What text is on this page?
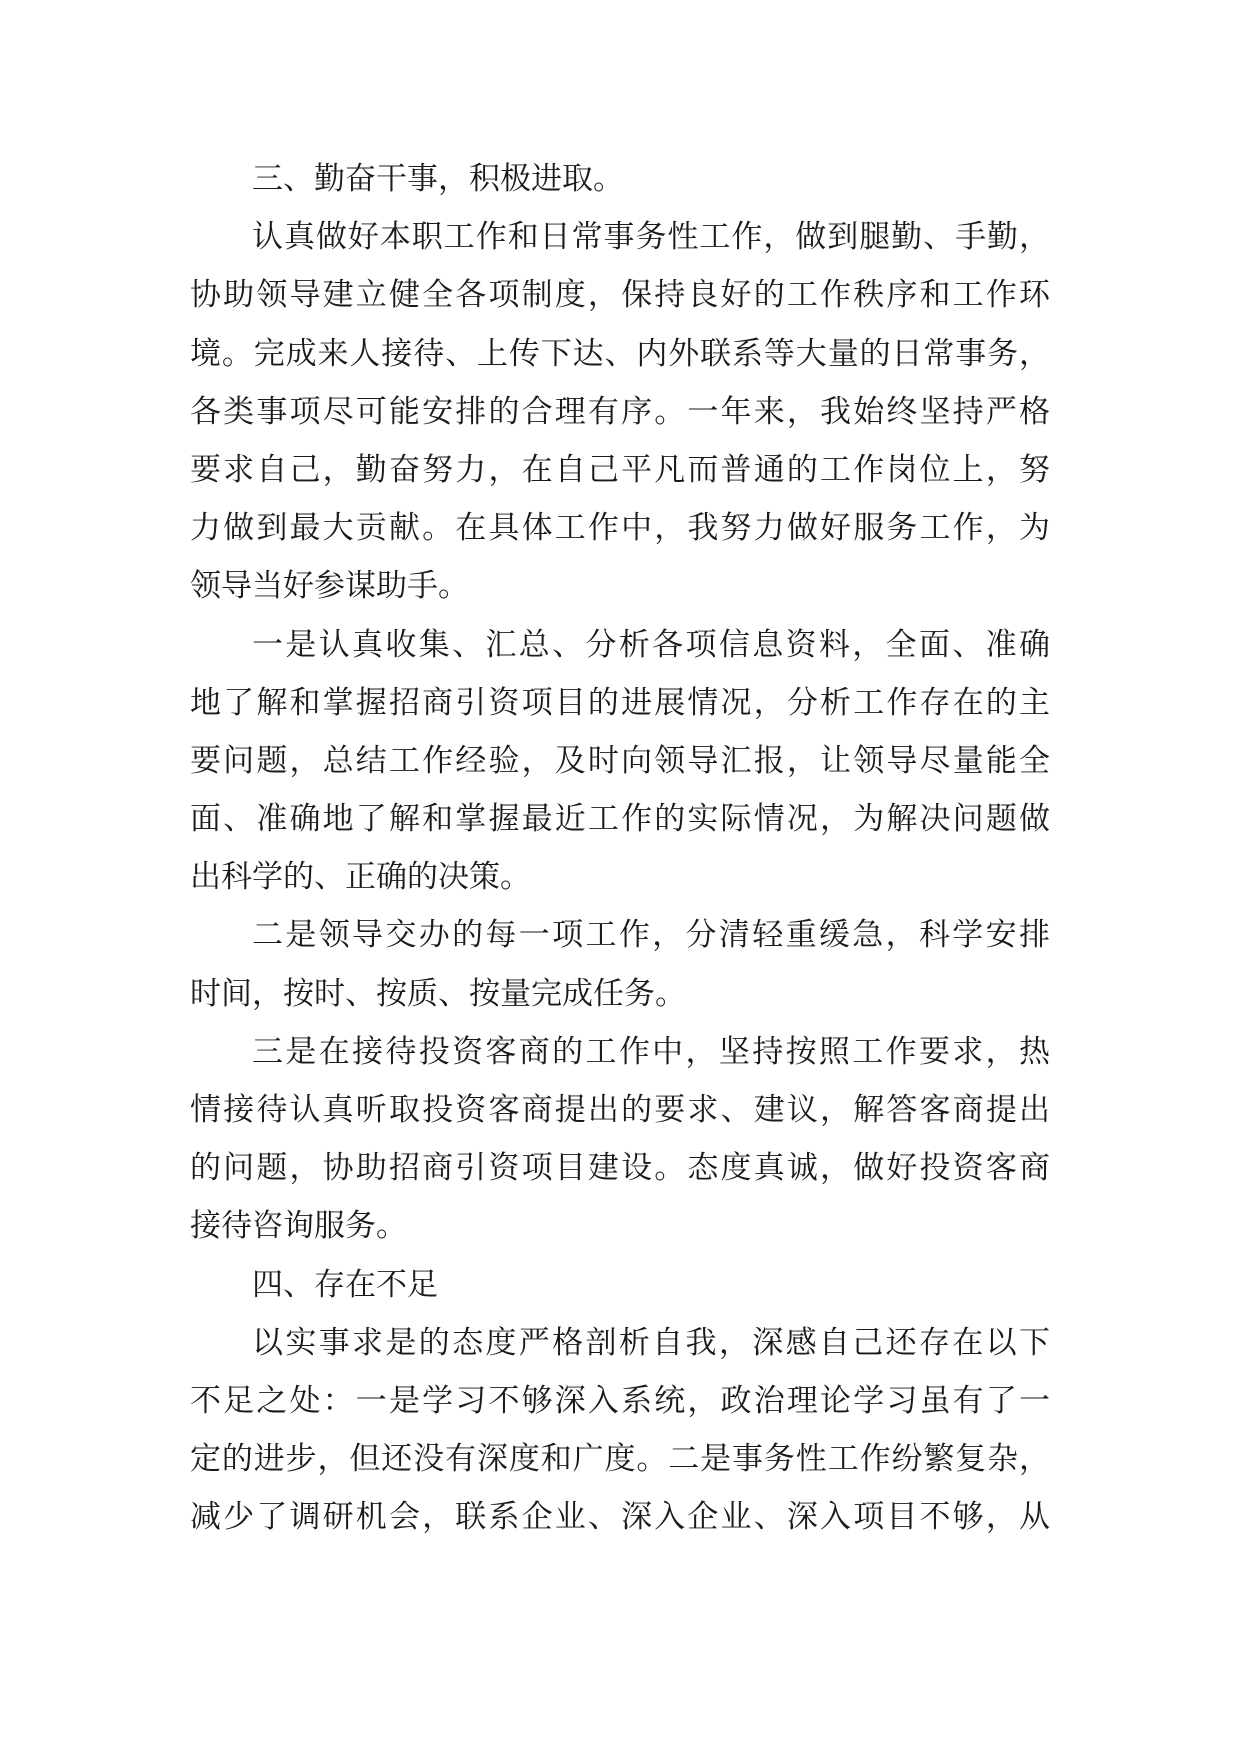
三、勤奋干事，积极进取。
认真做好本职工作和日常事务性工作，做到腿勤、手勤，
协助领导建立健全各项制度，保持良好的工作秩序和工作环
境。完成来人接待、上传下达、内外联系等大量的日常事务，
各类事项尽可能安排的合理有序。一年来，我始终坚持严格
要求自己，勤奋努力，在自己平凡而普通的工作岗位上，努
力做到最大贡献。在具体工作中，我努力做好服务工作，为
领导当好参谋助手。
一是认真收集、汇总、分析各项信息资料，全面、准确
地了解和掌握招商引资项目的进展情况，分析工作存在的主
要问题，总结工作经验，及时向领导汇报，让领导尽量能全
面、准确地了解和掌握最近工作的实际情况，为解决问题做
出科学的、正确的决策。
二是领导交办的每一项工作，分清轻重缓急，科学安排
时间，按时、按质、按量完成任务。
三是在接待投资客商的工作中，坚持按照工作要求，热
情接待认真听取投资客商提出的要求、建议，解答客商提出
的问题，协助招商引资项目建设。态度真诚，做好投资客商
接待咨询服务。
四、存在不足
以实事求是的态度严格剖析自我，深感自己还存在以下
不足之处：一是学习不够深入系统，政治理论学习虽有了一
定的进步，但还没有深度和广度。二是事务性工作纷繁复杂，
减少了调研机会，联系企业、深入企业、深入项目不够，从
